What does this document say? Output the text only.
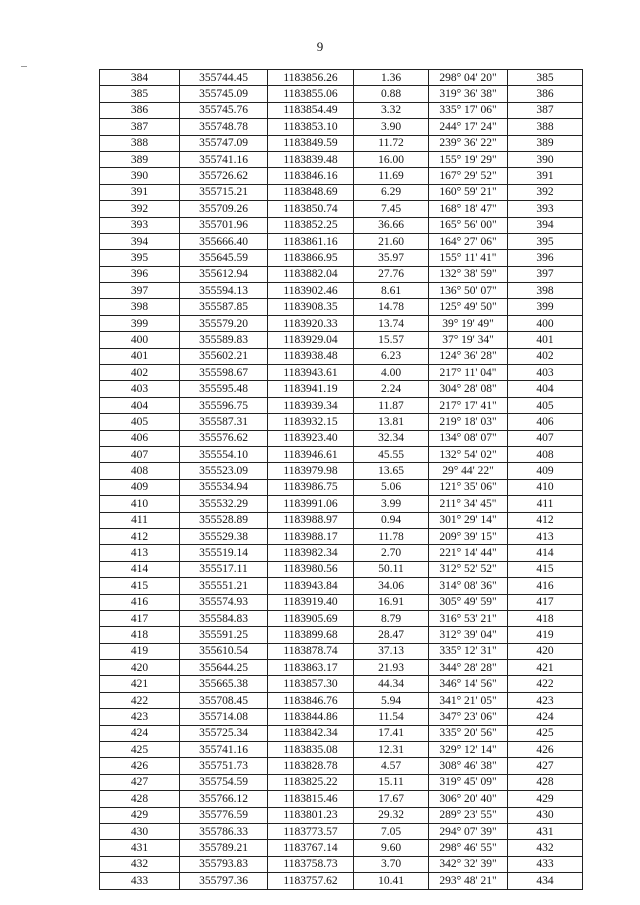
9
384	355744.45	1183856.26	1.36	298° 04' 20"	385
385	355745.09	1183855.06	0.88	319° 36' 38"	386
386	355745.76	1183854.49	3.32	335° 17' 06"	387
387	355748.78	1183853.10	3.90	244° 17' 24"	388
388	355747.09	1183849.59	11.72	239° 36' 22"	389
389	355741.16	1183839.48	16.00	155° 19' 29"	390
390	355726.62	1183846.16	11.69	167° 29' 52"	391
391	355715.21	1183848.69	6.29	160° 59' 21"	392
392	355709.26	1183850.74	7.45	168° 18' 47"	393
393	355701.96	1183852.25	36.66	165° 56' 00"	394
394	355666.40	1183861.16	21.60	164° 27' 06"	395
395	355645.59	1183866.95	35.97	155° 11' 41"	396
396	355612.94	1183882.04	27.76	132° 38' 59"	397
397	355594.13	1183902.46	8.61	136° 50' 07"	398
398	355587.85	1183908.35	14.78	125° 49' 50"	399
399	355579.20	1183920.33	13.74	39° 19' 49"	400
400	355589.83	1183929.04	15.57	37° 19' 34"	401
401	355602.21	1183938.48	6.23	124° 36' 28"	402
402	355598.67	1183943.61	4.00	217° 11' 04"	403
403	355595.48	1183941.19	2.24	304° 28' 08"	404
404	355596.75	1183939.34	11.87	217° 17' 41"	405
405	355587.31	1183932.15	13.81	219° 18' 03"	406
406	355576.62	1183923.40	32.34	134° 08' 07"	407
407	355554.10	1183946.61	45.55	132° 54' 02"	408
408	355523.09	1183979.98	13.65	29° 44' 22"	409
409	355534.94	1183986.75	5.06	121° 35' 06"	410
410	355532.29	1183991.06	3.99	211° 34' 45"	411
411	355528.89	1183988.97	0.94	301° 29' 14"	412
412	355529.38	1183988.17	11.78	209° 39' 15"	413
413	355519.14	1183982.34	2.70	221° 14' 44"	414
414	355517.11	1183980.56	50.11	312° 52' 52"	415
415	355551.21	1183943.84	34.06	314° 08' 36"	416
416	355574.93	1183919.40	16.91	305° 49' 59"	417
417	355584.83	1183905.69	8.79	316° 53' 21"	418
418	355591.25	1183899.68	28.47	312° 39' 04"	419
419	355610.54	1183878.74	37.13	335° 12' 31"	420
420	355644.25	1183863.17	21.93	344° 28' 28"	421
421	355665.38	1183857.30	44.34	346° 14' 56"	422
422	355708.45	1183846.76	5.94	341° 21' 05"	423
423	355714.08	1183844.86	11.54	347° 23' 06"	424
424	355725.34	1183842.34	17.41	335° 20' 56"	425
425	355741.16	1183835.08	12.31	329° 12' 14"	426
426	355751.73	1183828.78	4.57	308° 46' 38"	427
427	355754.59	1183825.22	15.11	319° 45' 09"	428
428	355766.12	1183815.46	17.67	306° 20' 40"	429
429	355776.59	1183801.23	29.32	289° 23' 55"	430
430	355786.33	1183773.57	7.05	294° 07' 39"	431
431	355789.21	1183767.14	9.60	298° 46' 55"	432
432	355793.83	1183758.73	3.70	342° 32' 39"	433
433	355797.36	1183757.62	10.41	293° 48' 21"	434
